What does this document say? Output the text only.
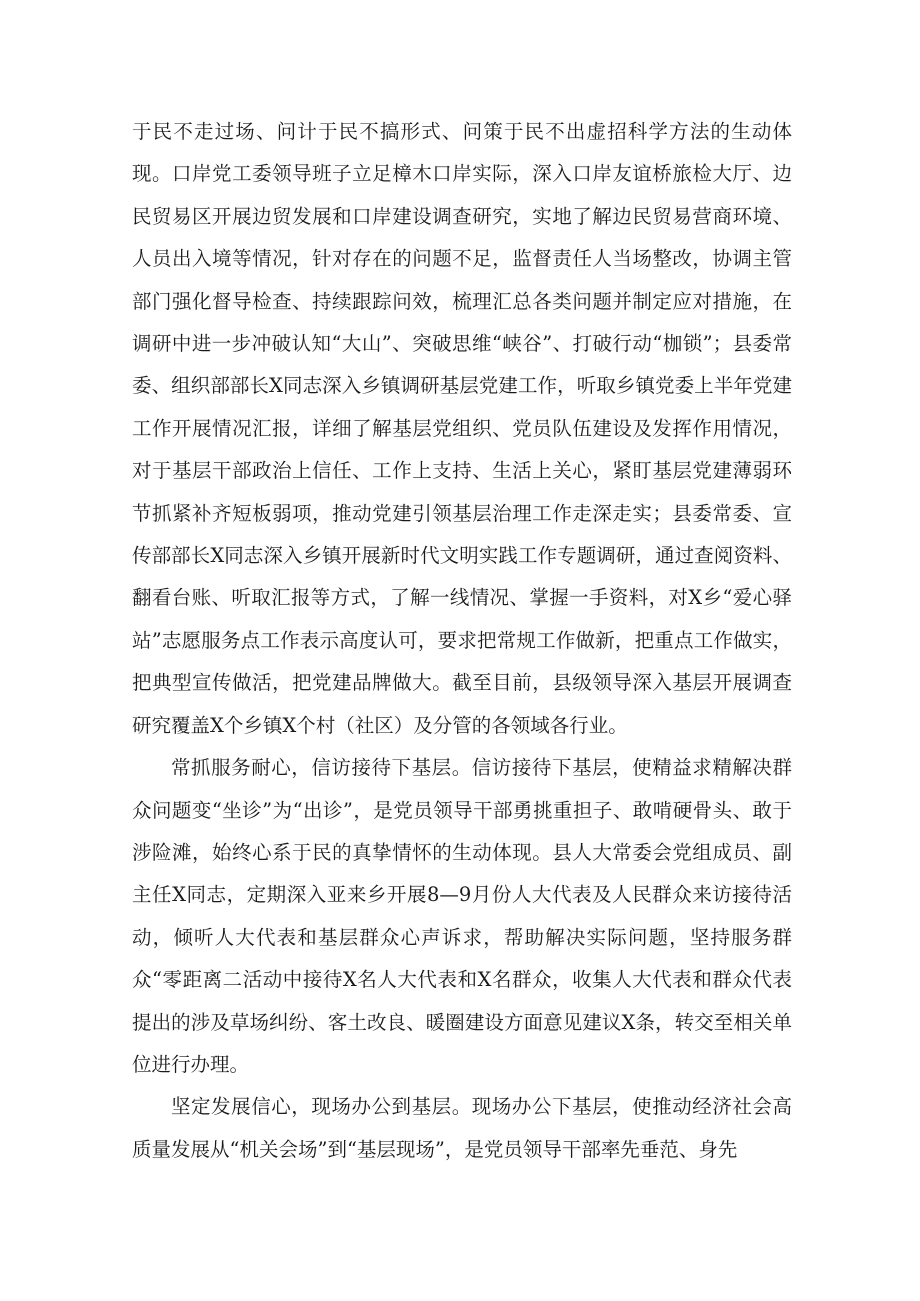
于民不走过场、问计于民不搞形式、问策于民不出虚招科学方法的生动体现。口岸党工委领导班子立足樟木口岸实际，深入口岸友谊桥旅检大厅、边民贸易区开展边贸发展和口岸建设调查研究，实地了解边民贸易营商环境、人员出入境等情况，针对存在的问题不足，监督责任人当场整改，协调主管部门强化督导检查、持续跟踪问效，梳理汇总各类问题并制定应对措施，在调研中进一步冲破认知“大山”、突破思维“峡谷”、打破行动“枷锁”；县委常委、组织部部长X同志深入乡镇调研基层党建工作，听取乡镇党委上半年党建工作开展情况汇报，详细了解基层党组织、党员队伍建设及发挥作用情况，对于基层干部政治上信任、工作上支持、生活上关心，紧盯基层党建薄弱环节抓紧补齐短板弱项，推动党建引领基层治理工作走深走实；县委常委、宣传部部长X同志深入乡镇开展新时代文明实践工作专题调研，通过查阅资料、翻看台账、听取汇报等方式，了解一线情况、掌握一手资料，对X乡“爱心驿站”志愿服务点工作表示高度认可，要求把常规工作做新，把重点工作做实，把典型宣传做活，把党建品牌做大。截至目前，县级领导深入基层开展调查研究覆盖X个乡镇X个村（社区）及分管的各领域各行业。

常抓服务耐心，信访接待下基层。信访接待下基层，使精益求精解决群众问题变“坐诊”为“出诊”，是党员领导干部勇挑重担子、敢啃硬骨头、敢于涉险滩，始终心系于民的真挚情怀的生动体现。县人大常委会党组成员、副主任X同志，定期深入亚来乡开展8—9月份人大代表及人民群众来访接待活动，倾听人大代表和基层群众心声诉求，帮助解决实际问题，坚持服务群众“零距离二活动中接待X名人大代表和X名群众，收集人大代表和群众代表提出的涉及草场纠纷、客土改良、暖圈建设方面意见建议X条，转交至相关单位进行办理。

坚定发展信心，现场办公到基层。现场办公下基层，使推动经济社会高质量发展从“机关会场”到“基层现场”，是党员领导干部率先垂范、身先
